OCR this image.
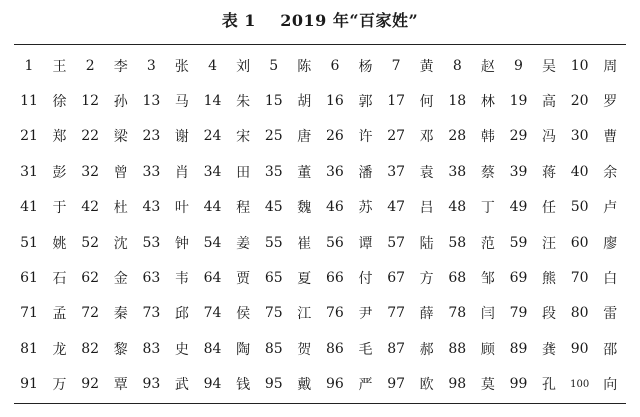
表 1 2019 年“百家姓”
1	王	2	李	3	张	4	刘	5	陈	6	杨	7	黄	8	赵	9	吴	10	周
11	徐	12	孙	13	马	14	朱	15	胡	16	郭	17	何	18	林	19	高	20	罗
21	郑	22	梁	23	谢	24	宋	25	唐	26	许	27	邓	28	韩	29	冯	30	曹
31	彭	32	曾	33	肖	34	田	35	董	36	潘	37	袁	38	蔡	39	蒋	40	余
41	于	42	杜	43	叶	44	程	45	魏	46	苏	47	吕	48	丁	49	任	50	卢
51	姚	52	沈	53	钟	54	姜	55	崔	56	谭	57	陆	58	范	59	汪	60	廖
61	石	62	金	63	韦	64	贾	65	夏	66	付	67	方	68	邹	69	熊	70	白
71	孟	72	秦	73	邱	74	侯	75	江	76	尹	77	薛	78	闫	79	段	80	雷
81	龙	82	黎	83	史	84	陶	85	贺	86	毛	87	郝	88	顾	89	龚	90	邵
91	万	92	覃	93	武	94	钱	95	戴	96	严	97	欧	98	莫	99	孔	100 向
